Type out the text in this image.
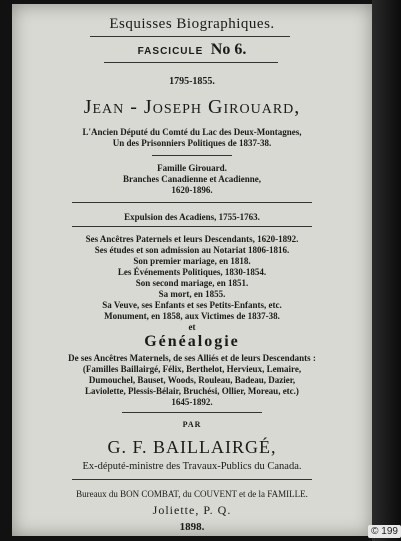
Esquisses Biographiques.
FASCICULE No 6.
1795-1855.
Jean - Joseph Girouard,
L'Ancien Député du Comté du Lac des Deux-Montagnes,
Un des Prisonniers Politiques de 1837-38.
Famille Girouard.
Branches Canadienne et Acadienne,
1620-1896.
Expulsion des Acadiens, 1755-1763.
Ses Ancêtres Paternels et leurs Descendants, 1620-1892.
Ses études et son admission au Notariat 1806-1816.
Son premier mariage, en 1818.
Les Événements Politiques, 1830-1854.
Son second mariage, en 1851.
Sa mort, en 1855.
Sa Veuve, ses Enfants et ses Petits-Enfants, etc.
Monument, en 1858, aux Victimes de 1837-38.
et
Généalogie
De ses Ancêtres Maternels, de ses Alliés et de leurs Descendants :
(Familles Baillairgé, Félix, Berthelot, Hervieux, Lemaire,
Dumouchel, Bauset, Woods, Rouleau, Badeau, Dazier,
Laviolette, Plessis-Bélair, Bruchési, Ollier, Moreau, etc.)
1645-1892.
PAR
G. F. BAILLAIRGÉ,
Ex-député-ministre des Travaux-Publics du Canada.
Bureaux du BON COMBAT, du COUVENT et de la FAMILLE.
Joliette, P. Q.
1898.	© 199
